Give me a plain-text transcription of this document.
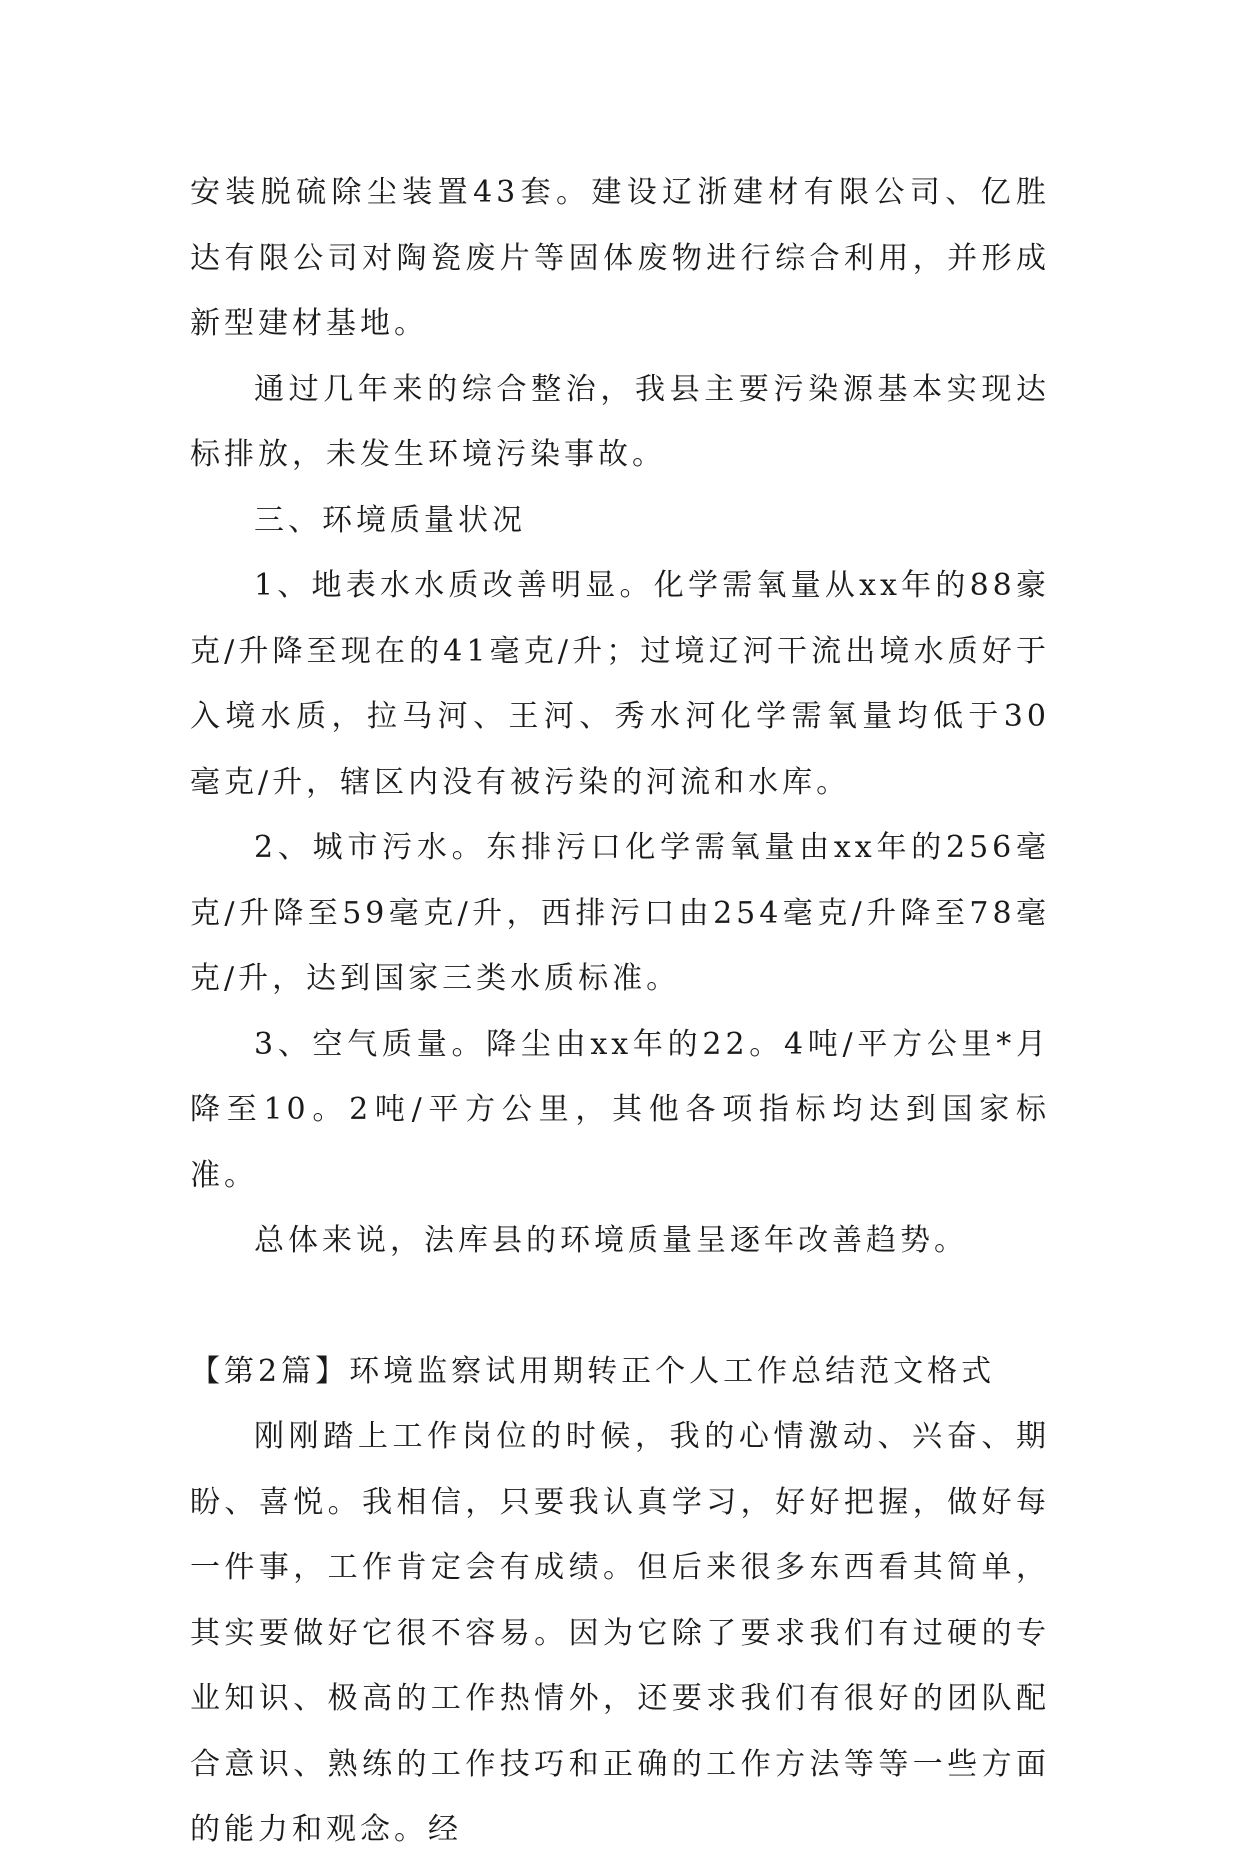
安装脱硫除尘装置43套。建设辽浙建材有限公司、亿胜达有限公司对陶瓷废片等固体废物进行综合利用，并形成新型建材基地。

通过几年来的综合整治，我县主要污染源基本实现达标排放，未发生环境污染事故。

三、环境质量状况

1、地表水水质改善明显。化学需氧量从xx年的88豪克/升降至现在的41毫克/升；过境辽河干流出境水质好于入境水质，拉马河、王河、秀水河化学需氧量均低于30毫克/升，辖区内没有被污染的河流和水库。

2、城市污水。东排污口化学需氧量由xx年的256毫克/升降至59毫克/升，西排污口由254毫克/升降至78毫克/升，达到国家三类水质标准。

3、空气质量。降尘由xx年的22。4吨/平方公里*月降至10。2吨/平方公里，其他各项指标均达到国家标准。

总体来说，法库县的环境质量呈逐年改善趋势。

【第2篇】环境监察试用期转正个人工作总结范文格式

刚刚踏上工作岗位的时候，我的心情激动、兴奋、期盼、喜悦。我相信，只要我认真学习，好好把握，做好每一件事，工作肯定会有成绩。但后来很多东西看其简单，其实要做好它很不容易。因为它除了要求我们有过硬的专业知识、极高的工作热情外，还要求我们有很好的团队配合意识、熟练的工作技巧和正确的工作方法等等一些方面的能力和观念。经
